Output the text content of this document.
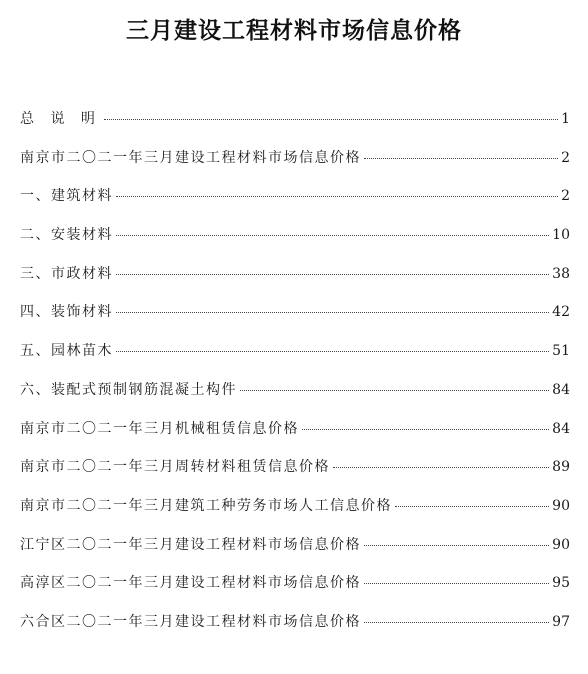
三月建设工程材料市场信息价格
总 说 明	1
南京市二〇二一年三月建设工程材料市场信息价格	2
一、建筑材料	2
二、安装材料	10
三、市政材料	38
四、装饰材料	42
五、园林苗木	51
六、装配式预制钢筋混凝土构件	84
南京市二〇二一年三月机械租赁信息价格	84
南京市二〇二一年三月周转材料租赁信息价格	89
南京市二〇二一年三月建筑工种劳务市场人工信息价格	90
江宁区二〇二一年三月建设工程材料市场信息价格	90
高淳区二〇二一年三月建设工程材料市场信息价格	95
六合区二〇二一年三月建设工程材料市场信息价格	97
